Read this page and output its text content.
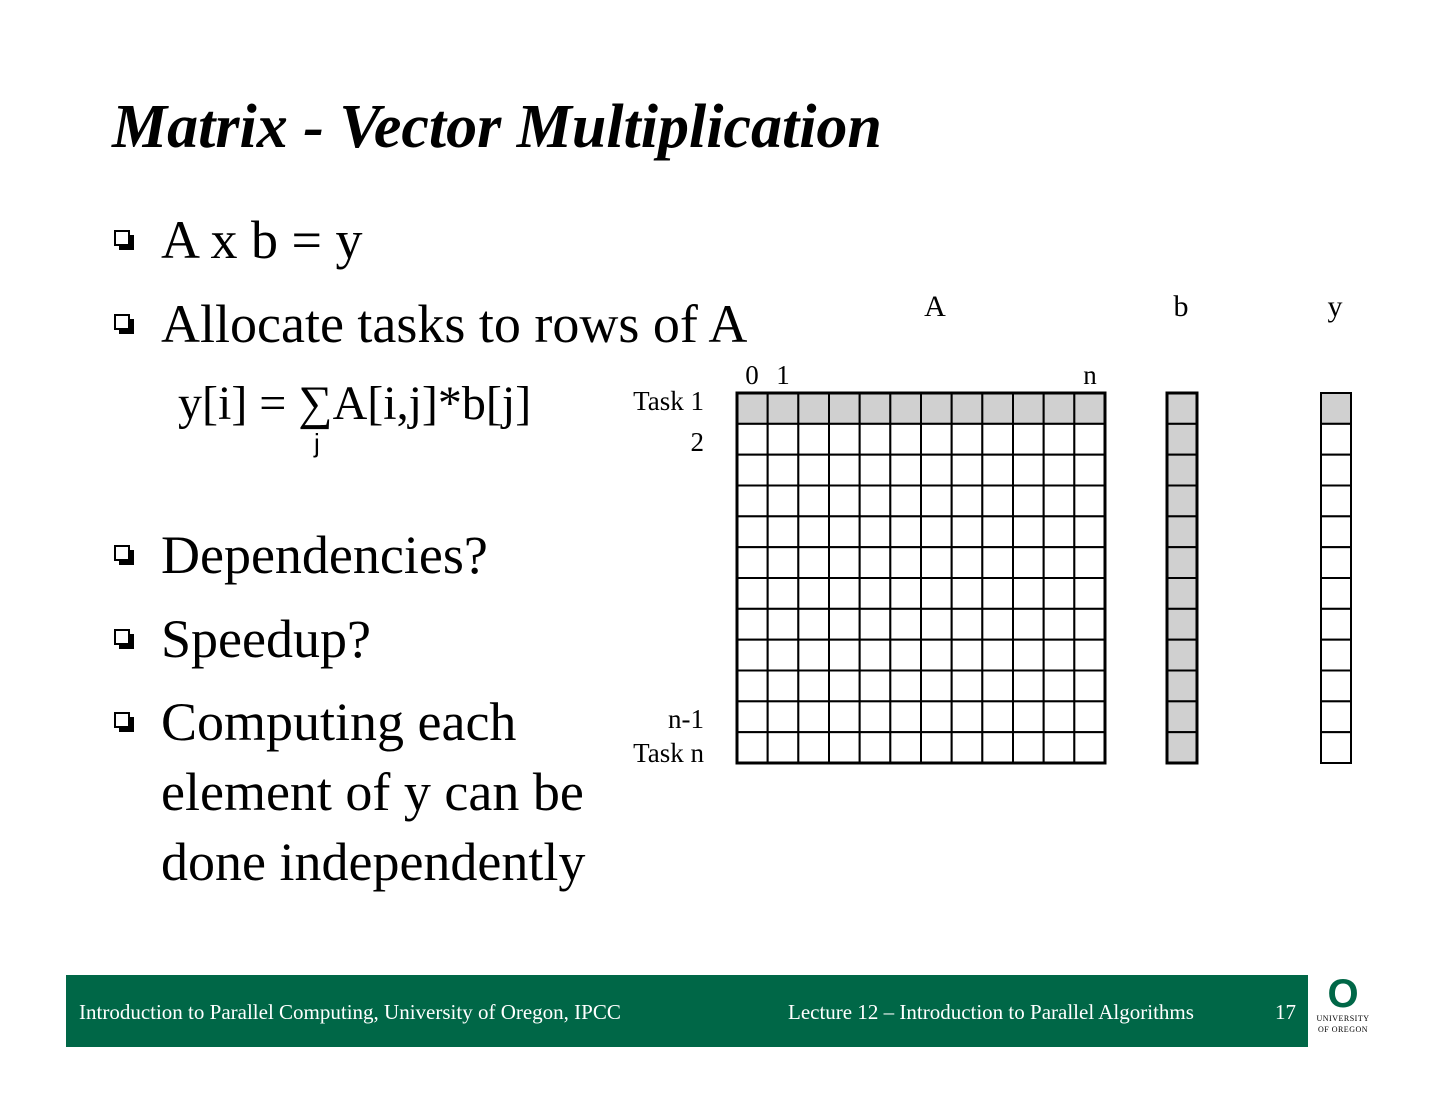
Matrix - Vector Multiplication
A x b = y
Allocate tasks to rows of A
y[i] = ∑A[i,j]*b[j]
j
Dependencies?
Speedup?
Computing each
element of y can be
done independently
A	b	y
0 1	n
Task 1
2
n-1
Task n
Introduction to Parallel Computing, University of Oregon, IPCC	Lecture 12 – Introduction to Parallel Algorithms	17 O
UNIVERSITY
OF OREGON
